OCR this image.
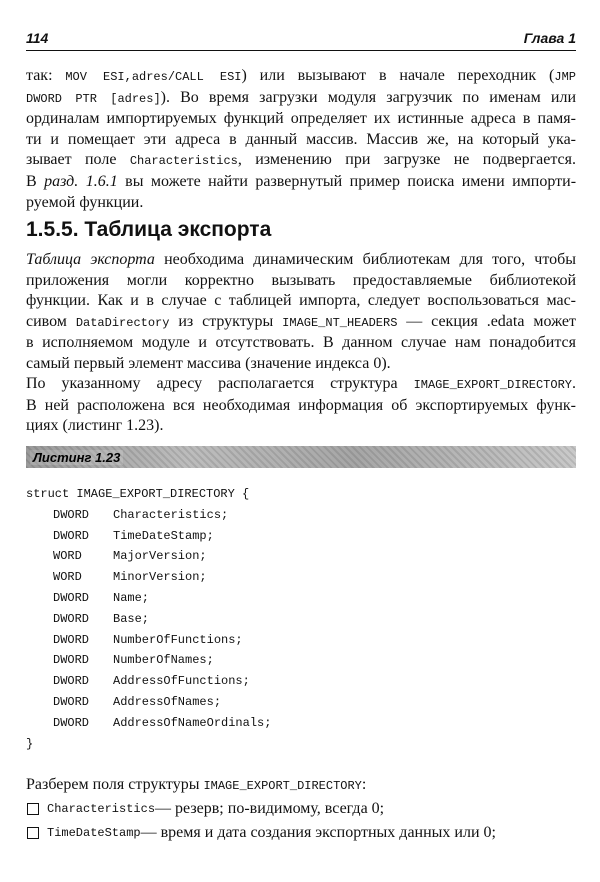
114	Глава 1
так: MOV ESI,adres/CALL ESI) или вызывают в начале переходник (JMP
DWORD PTR [adres]). Во время загрузки модуля загрузчик по именам или
ординалам импортируемых функций определяет их истинные адреса в памя-
ти и помещает эти адреса в данный массив. Массив же, на который ука-
зывает поле Characteristics, изменению при загрузке не подвергается.
В разд. 1.6.1 вы можете найти развернутый пример поиска имени импорти-
руемой функции.
1.5.5. Таблица экспорта
Таблица экспорта необходима динамическим библиотекам для того, чтобы
приложения могли корректно вызывать предоставляемые библиотекой
функции. Как и в случае с таблицей импорта, следует воспользоваться мас-
сивом DataDirectory из структуры IMAGE_NT_HEADERS — секция .edata может
в исполняемом модуле и отсутствовать. В данном случае нам понадобится
самый первый элемент массива (значение индекса 0).
По указанному адресу располагается структура IMAGE_EXPORT_DIRECTORY.
В ней расположена вся необходимая информация об экспортируемых функ-
циях (листинг 1.23).
Листинг 1.23
struct IMAGE_EXPORT_DIRECTORY {
DWORD Characteristics;
DWORD TimeDateStamp;
WORD	MajorVersion;
WORD	MinorVersion;
DWORD Name;
DWORD Base;
DWORD NumberOfFunctions;
DWORD NumberOfNames;
DWORD AddressOfFunctions;
DWORD AddressOfNames;
DWORD AddressOfNameOrdinals;
}
Разберем поля структуры IMAGE_EXPORT_DIRECTORY:
Characteristics — резерв; по-видимому, всегда 0;
TimeDateStamp — время и дата создания экспортных данных или 0;
